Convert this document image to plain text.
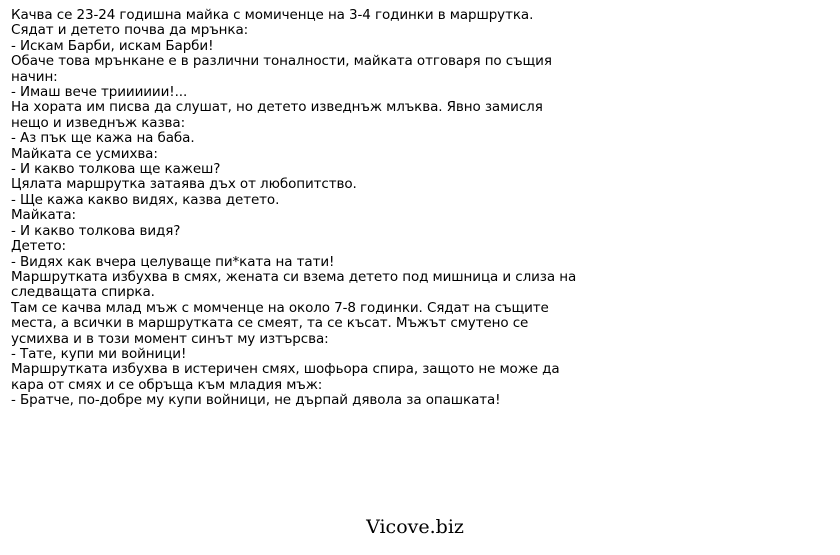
Качва се 23-24 годишна майка с момиченце на 3-4 годинки в маршрутка.
Сядат и детето почва да мрънка:
- Искам Барби, искам Барби!
Обаче това мрънкане е в различни тоналности, майката отговаря по същия
начин:
- Имаш вече трииииии!...
На хората им писва да слушат, но детето изведнъж млъква. Явно замисля
нещо и изведнъж казва:
- Аз пък ще кажа на баба.
Майката се усмихва:
- И какво толкова ще кажеш?
Цялата маршрутка затаява дъх от любопитство.
- Ще кажа какво видях, казва детето.
Майката:
- И какво толкова видя?
Детето:
- Видях как вчера целуваще пи*ката на тати!
Маршрутката избухва в смях, жената си взема детето под мишница и слиза на
следващата спирка.
Там се качва млад мъж с момченце на около 7-8 годинки. Сядат на същите
места, а всички в маршрутката се смеят, та се късат. Мъжът смутено се
усмихва и в този момент синът му изтърсва:
- Тате, купи ми войници!
Маршрутката избухва в истеричен смях, шофьора спира, защото не може да
кара от смях и се обръща към младия мъж:
- Братче, по-добре му купи войници, не дърпай дявола за опашката!
Vicove.biz
